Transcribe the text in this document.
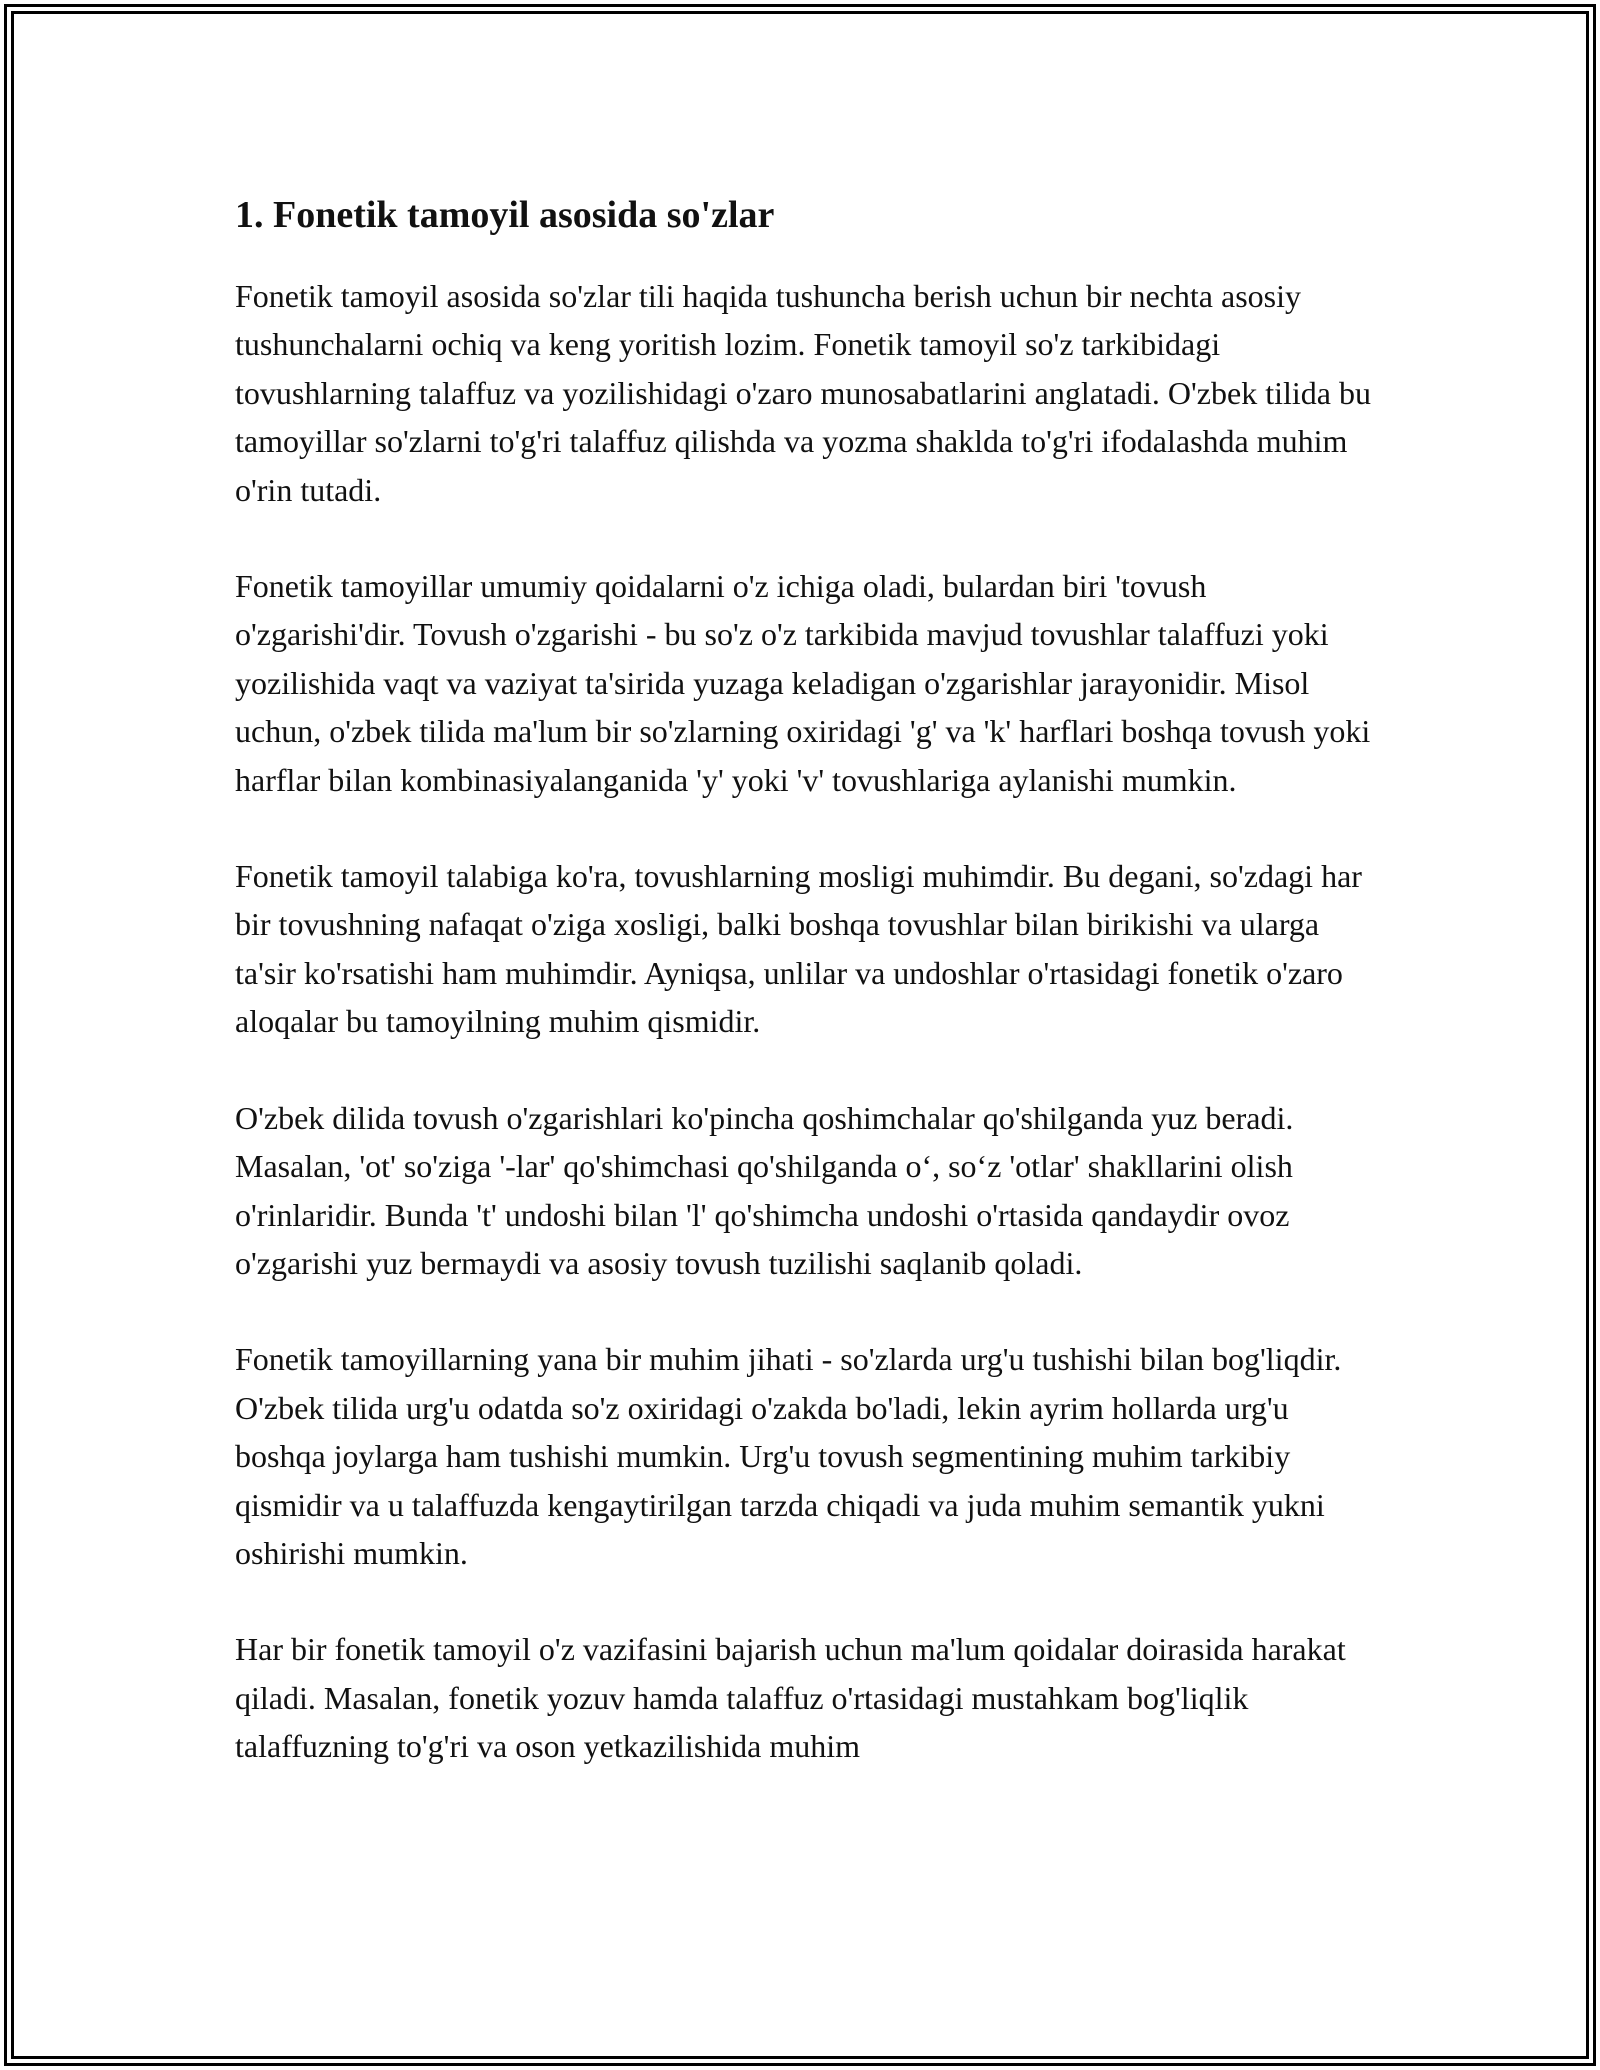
1. Fonetik tamoyil asosida so'zlar

Fonetik tamoyil asosida so'zlar tili haqida tushuncha berish uchun bir nechta asosiy tushunchalarni ochiq va keng yoritish lozim. Fonetik tamoyil so'z tarkibidagi tovushlarning talaffuz va yozilishidagi o'zaro munosabatlarini anglatadi. O'zbek tilida bu tamoyillar so'zlarni to'g'ri talaffuz qilishda va yozma shaklda to'g'ri ifodalashda muhim o'rin tutadi.

Fonetik tamoyillar umumiy qoidalarni o'z ichiga oladi, bulardan biri 'tovush o'zgarishi'dir. Tovush o'zgarishi - bu so'z o'z tarkibida mavjud tovushlar talaffuzi yoki yozilishida vaqt va vaziyat ta'sirida yuzaga keladigan o'zgarishlar jarayonidir. Misol uchun, o'zbek tilida ma'lum bir so'zlarning oxiridagi 'g' va 'k' harflari boshqa tovush yoki harflar bilan kombinasiyalanganida 'y' yoki 'v' tovushlariga aylanishi mumkin.

Fonetik tamoyil talabiga ko'ra, tovushlarning mosligi muhimdir. Bu degani, so'zdagi har bir tovushning nafaqat o'ziga xosligi, balki boshqa tovushlar bilan birikishi va ularga ta'sir ko'rsatishi ham muhimdir. Ayniqsa, unlilar va undoshlar o'rtasidagi fonetik o'zaro aloqalar bu tamoyilning muhim qismidir.

O'zbek dilida tovush o'zgarishlari ko'pincha qoshimchalar qo'shilganda yuz beradi. Masalan, 'ot' so'ziga '-lar' qo'shimchasi qo'shilganda o‘, so‘z 'otlar' shakllarini olish o'rinlaridir. Bunda 't' undoshi bilan 'l' qo'shimcha undoshi o'rtasida qandaydir ovoz o'zgarishi yuz bermaydi va asosiy tovush tuzilishi saqlanib qoladi.

Fonetik tamoyillarning yana bir muhim jihati - so'zlarda urg'u tushishi bilan bog'liqdir. O'zbek tilida urg'u odatda so'z oxiridagi o'zakda bo'ladi, lekin ayrim hollarda urg'u boshqa joylarga ham tushishi mumkin. Urg'u tovush segmentining muhim tarkibiy qismidir va u talaffuzda kengaytirilgan tarzda chiqadi va juda muhim semantik yukni oshirishi mumkin.

Har bir fonetik tamoyil o'z vazifasini bajarish uchun ma'lum qoidalar doirasida harakat qiladi. Masalan, fonetik yozuv hamda talaffuz o'rtasidagi mustahkam bog'liqlik talaffuzning to'g'ri va oson yetkazilishida muhim
